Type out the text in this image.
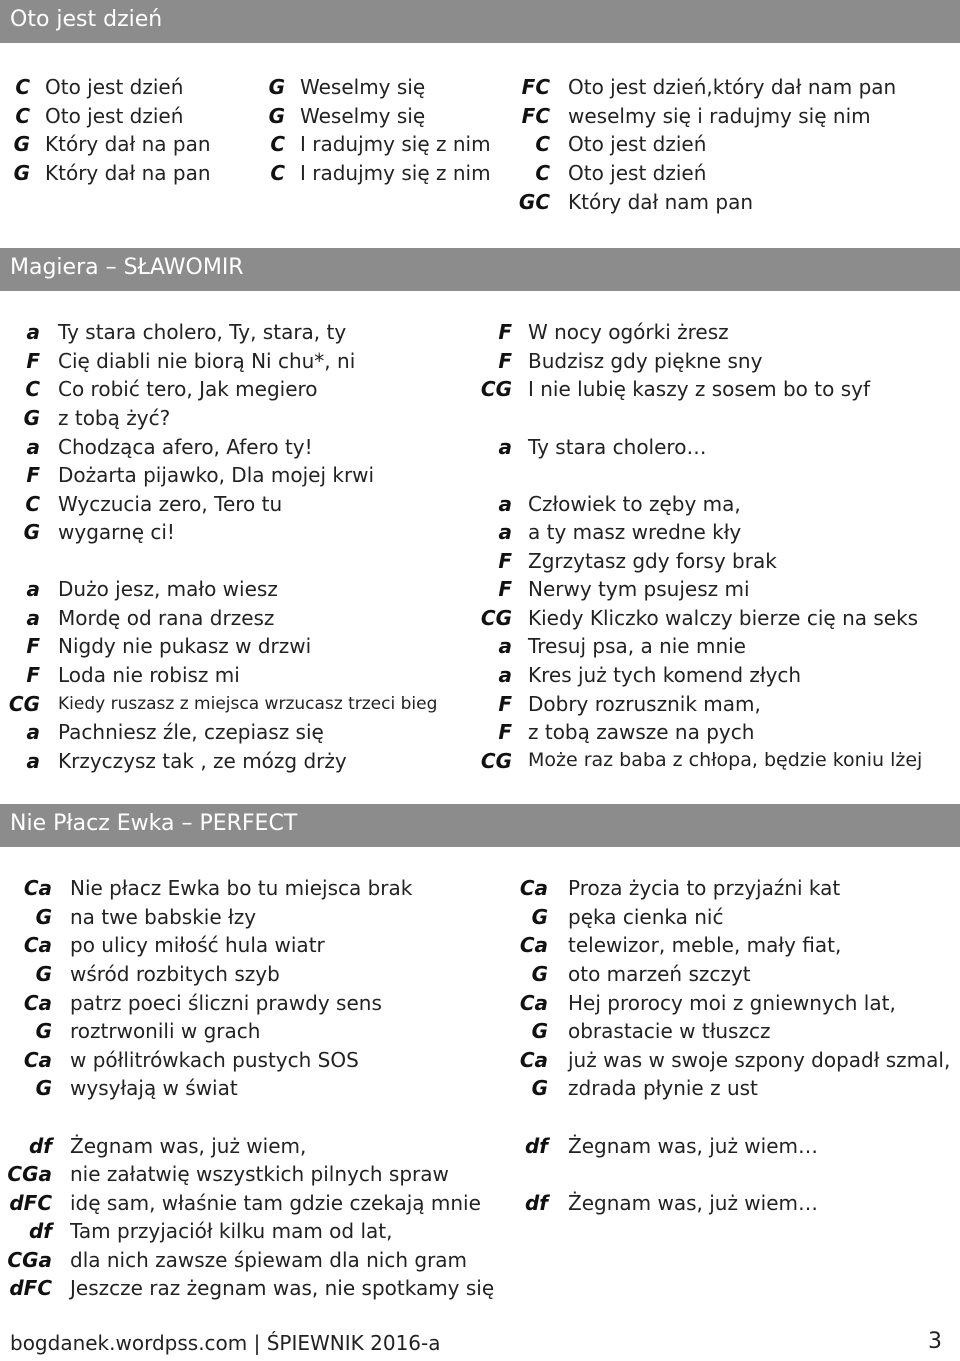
Oto jest dzień
C Oto jest dzień
C Oto jest dzień
G Który dał na pan
G Który dał na pan
G Weselmy się
G Weselmy się
C I radujmy się z nim
C I radujmy się z nim
FC Oto jest dzień,który dał nam pan
FC weselmy się i radujmy się nim
C Oto jest dzień
C Oto jest dzień
GC Który dał nam pan
Magiera – SŁAWOMIR
a Ty stara cholero, Ty, stara, ty
F Cię diabli nie biorą Ni chu*, ni
C Co robić tero, Jak megiero
G z tobą żyć?
a Chodząca afero, Afero ty!
F Dożarta pijawko, Dla mojej krwi
C Wyczucia zero, Tero tu
G wygarnę ci!
a Dużo jesz, mało wiesz
a Mordę od rana drzesz
F Nigdy nie pukasz w drzwi
F Loda nie robisz mi
CG Kiedy ruszasz z miejsca wrzucasz trzeci bieg
a Pachniesz źle, czepiasz się
a Krzyczysz tak , ze mózg drży
F W nocy ogórki żresz
F Budzisz gdy piękne sny
CG I nie lubię kaszy z sosem bo to syf
a Ty stara cholero…
a Człowiek to zęby ma,
a a ty masz wredne kły
F Zgrzytasz gdy forsy brak
F Nerwy tym psujesz mi
CG Kiedy Kliczko walczy bierze cię na seks
a Tresuj psa, a nie mnie
a Kres już tych komend złych
F Dobry rozrusznik mam,
F z tobą zawsze na pych
CG Może raz baba z chłopa, będzie koniu lżej
Nie Płacz Ewka – PERFECT
Ca Nie płacz Ewka bo tu miejsca brak
G na twe babskie łzy
Ca po ulicy miłość hula wiatr
G wśród rozbitych szyb
Ca patrz poeci śliczni prawdy sens
G roztrwonili w grach
Ca w półlitrówkach pustych SOS
G wysyłają w świat
df Żegnam was, już wiem,
CGa nie załatwię wszystkich pilnych spraw
dFC idę sam, właśnie tam gdzie czekają mnie
df Tam przyjaciół kilku mam od lat,
CGa dla nich zawsze śpiewam dla nich gram
dFC Jeszcze raz żegnam was, nie spotkamy się
Ca Proza życia to przyjaźni kat
G pęka cienka nić
Ca telewizor, meble, mały fiat,
G oto marzeń szczyt
Ca Hej prorocy moi z gniewnych lat,
G obrastacie w tłuszcz
Ca już was w swoje szpony dopadł szmal,
G zdrada płynie z ust
df Żegnam was, już wiem…
df Żegnam was, już wiem…
bogdanek.wordpss.com | ŚPIEWNIK 2016-a	3
